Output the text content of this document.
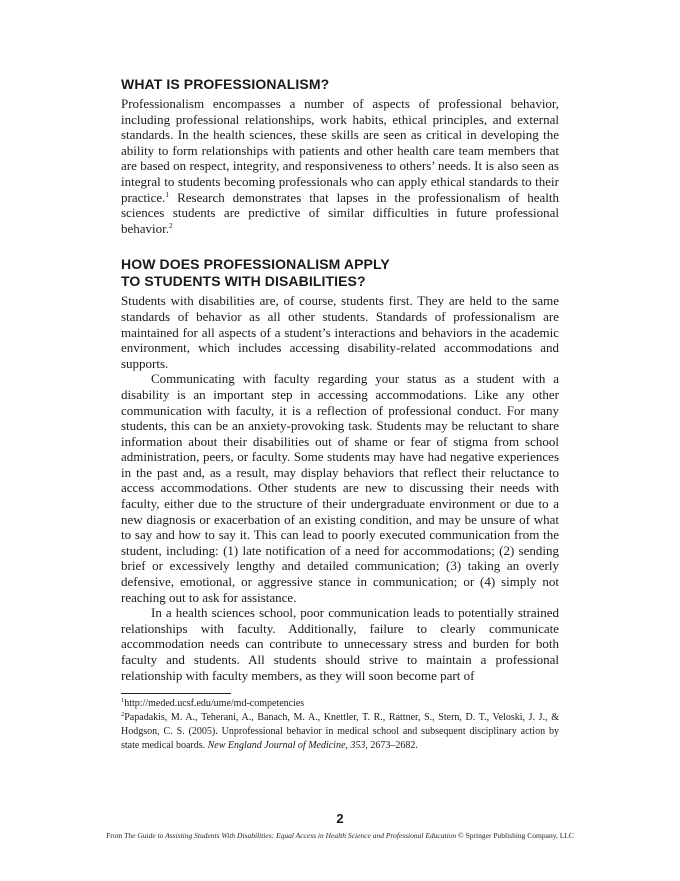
WHAT IS PROFESSIONALISM?

Professionalism encompasses a number of aspects of professional behavior, including professional relationships, work habits, ethical principles, and external standards. In the health sciences, these skills are seen as critical in developing the ability to form relationships with patients and other health care team members that are based on respect, integrity, and responsiveness to others’ needs. It is also seen as integral to students becoming professionals who can apply ethical standards to their practice.$^1$ Research demonstrates that lapses in the professionalism of health sciences students are predictive of similar difficulties in future professional behavior.$^2$

HOW DOES PROFESSIONALISM APPLY
TO STUDENTS WITH DISABILITIES?

Students with disabilities are, of course, students first. They are held to the same standards of behavior as all other students. Standards of professionalism are maintained for all aspects of a student’s interactions and behaviors in the academic environment, which includes accessing disability-related accommodations and supports.

Communicating with faculty regarding your status as a student with a disability is an important step in accessing accommodations. Like any other communication with faculty, it is a reflection of professional conduct. For many students, this can be an anxiety-provoking task. Students may be reluctant to share information about their disabilities out of shame or fear of stigma from school administration, peers, or faculty. Some students may have had negative experiences in the past and, as a result, may display behaviors that reflect their reluctance to access accommodations. Other students are new to discussing their needs with faculty, either due to the structure of their undergraduate environment or due to a new diagnosis or exacerbation of an existing condition, and may be unsure of what to say and how to say it. This can lead to poorly executed communication from the student, including: (1) late notification of a need for accommodations; (2) sending brief or excessively lengthy and detailed communication; (3) taking an overly defensive, emotional, or aggressive stance in communication; or (4) simply not reaching out to ask for assistance.

In a health sciences school, poor communication leads to potentially strained relationships with faculty. Additionally, failure to clearly communicate accommodation needs can contribute to unnecessary stress and burden for both faculty and students. All students should strive to maintain a professional relationship with faculty members, as they will soon become part of

$^1$http://meded.ucsf.edu/ume/md-competencies
$^2$Papadakis, M. A., Teherani, A., Banach, M. A., Knettler, T. R., Rattner, S., Stern, D. T., Veloski, J. J., & Hodgson, C. S. (2005). Unprofessional behavior in medical school and subsequent disciplinary action by state medical boards. New England Journal of Medicine, 353, 2673–2682.
2
From The Guide to Assisting Students With Disabilities: Equal Access in Health Science and Professional Education © Springer Publishing Company, LLC
